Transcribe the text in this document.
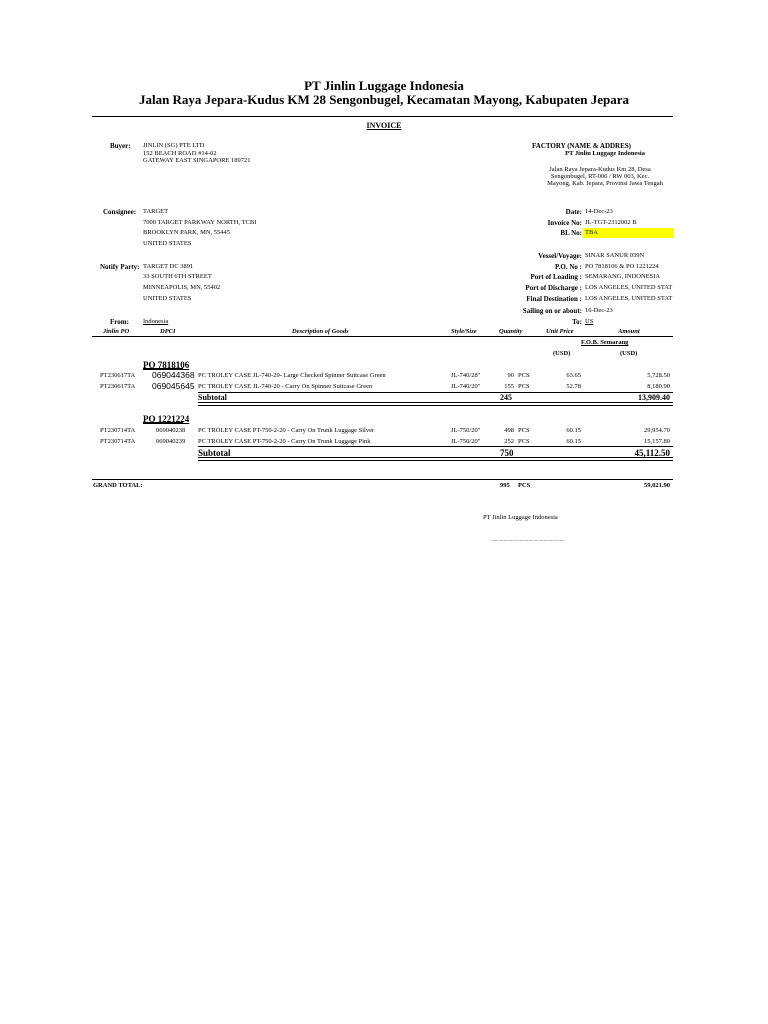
PT Jinlin Luggage Indonesia
Jalan Raya Jepara-Kudus KM 28 Sengonbugel, Kecamatan Mayong, Kabupaten Jepara
INVOICE
Buyer: JINLIN (SG) PTE LTD
152 BEACH ROAD #14-02
GATEWAY EAST SINGAPORE 189721
FACTORY (NAME & ADDRES)
PT Jinlin Luggage Indonesia
Jalan Raya Jepara-Kudus Km 28, Desa
Sengonbugel, RT-006 / RW 003, Kec.
Mayong, Kab. Jepara, Provinsi Jawa Tengah
Consignee: TARGET
7000 TARGET PARKWAY NORTH, TCBI
BROOKLYN PARK, MN, 55445
UNITED STATES
Notify Party: TARGET DC 3891
33 SOUTH 6TH STREET
MINNEAPOLIS, MN, 55402
UNITED STATES
Date: 14-Dec-23
Invoice No: JL-TGT-2312002 B
BL No: TBA
Vessel/Voyage: SINAR SANUR 039N
P.O. No : PO 7818106 & PO 1221224
Port of Loading : SEMARANG, INDONESIA
Port of Discharge : LOS ANGELES, UNITED STAT
Final Destination : LOS ANGELES, UNITED STAT
Sailing on or about: 16-Dec-23
From: Indonesia	To: US
Jinlin PO	DPCI	Description of Goods	Style/Size	Quantity	Unit Price	Amount
F.O.B. Semarang
(USD)	(USD)
PO 7818106
PT230617TA 069044368 PC TROLEY CASE JL-740-29- Large Checked Spinner Suitcase Green	JL-740/28"	90 PCS	63.65	5,728.50
PT230617TA 069045645 PC TROLEY CASE JL-740-20 - Carry On Spinner Suitcase Green	JL-740/20"	155 PCS	52.78	8,180.90
Subtotal	245	13,909.40
PO 1221224
PT230714TA	069040238 PC TROLEY CASE PT-750-2-20 - Carry On Trunk Luggage Silver	JL-750/20"	498 PCS	60.15	29,954.70
PT230714TA	069040239 PC TROLEY CASE PT-750-2-20 - Carry On Trunk Luggage Pink	JL-750/20"	252 PCS	60.15	15,157.80
Subtotal	750	45,112.50
GRAND TOTAL:	995 PCS	59,021.90
PT Jinlin Luggage Indonesia
...........................................................
